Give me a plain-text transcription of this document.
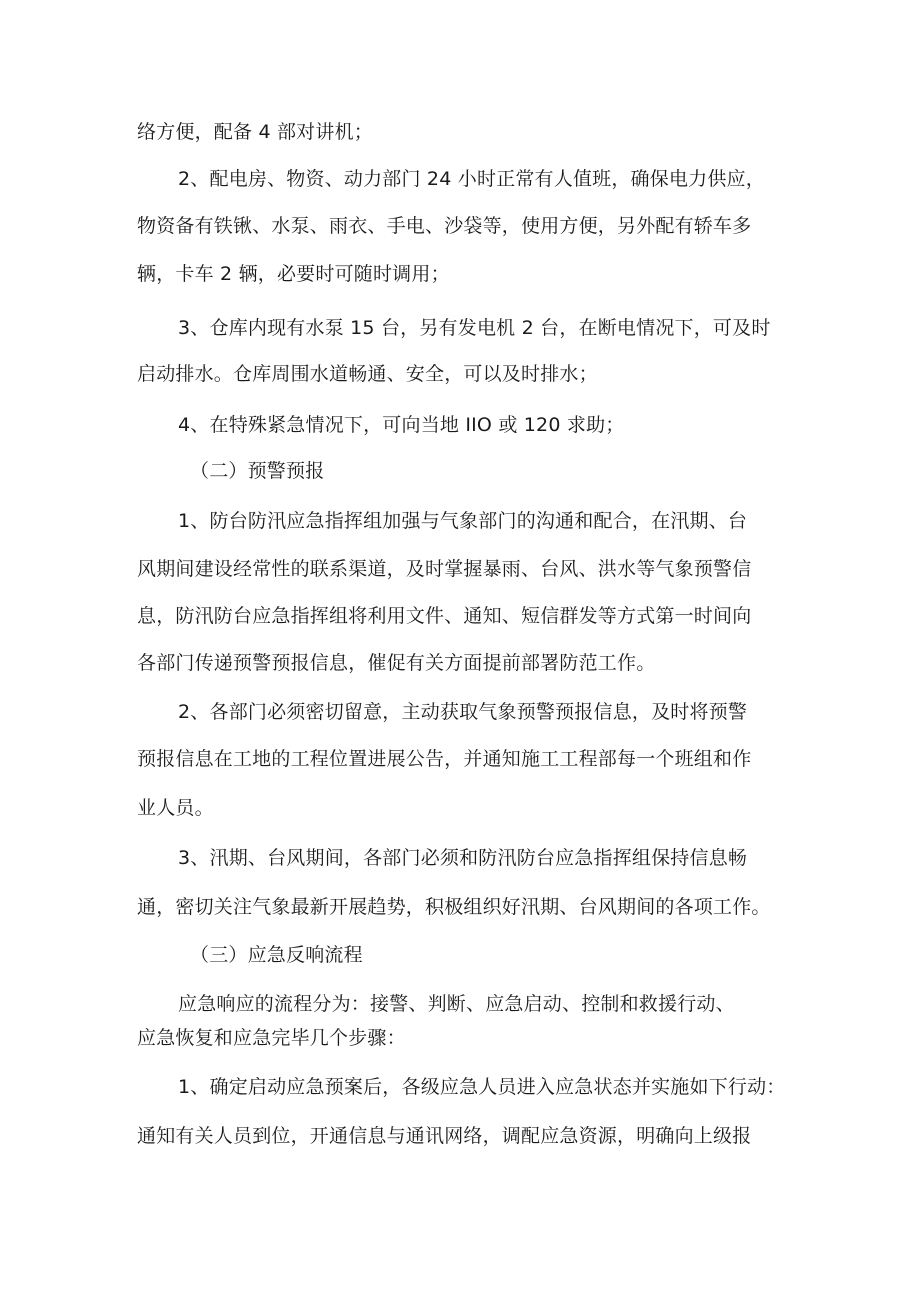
络方便，配备 4 部对讲机；
2、配电房、物资、动力部门 24 小时正常有人值班，确保电力供应，
物资备有铁锹、水泵、雨衣、手电、沙袋等，使用方便，另外配有轿车多
辆，卡车 2 辆，必要时可随时调用；
3、仓库内现有水泵 15 台，另有发电机 2 台，在断电情况下，可及时
启动排水。仓库周围水道畅通、安全，可以及时排水；
4、在特殊紧急情况下，可向当地 IIO 或 120 求助；
（二）预警预报
1、防台防汛应急指挥组加强与气象部门的沟通和配合，在汛期、台
风期间建设经常性的联系渠道，及时掌握暴雨、台风、洪水等气象预警信
息，防汛防台应急指挥组将利用文件、通知、短信群发等方式第一时间向
各部门传递预警预报信息，催促有关方面提前部署防范工作。
2、各部门必须密切留意，主动获取气象预警预报信息，及时将预警
预报信息在工地的工程位置进展公告，并通知施工工程部每一个班组和作
业人员。
3、汛期、台风期间，各部门必须和防汛防台应急指挥组保持信息畅
通，密切关注气象最新开展趋势，积极组织好汛期、台风期间的各项工作。
（三）应急反响流程
应急响应的流程分为：接警、判断、应急启动、控制和救援行动、
应急恢复和应急完毕几个步骤：
1、确定启动应急预案后，各级应急人员进入应急状态并实施如下行动：
通知有关人员到位，开通信息与通讯网络，调配应急资源，明确向上级报
